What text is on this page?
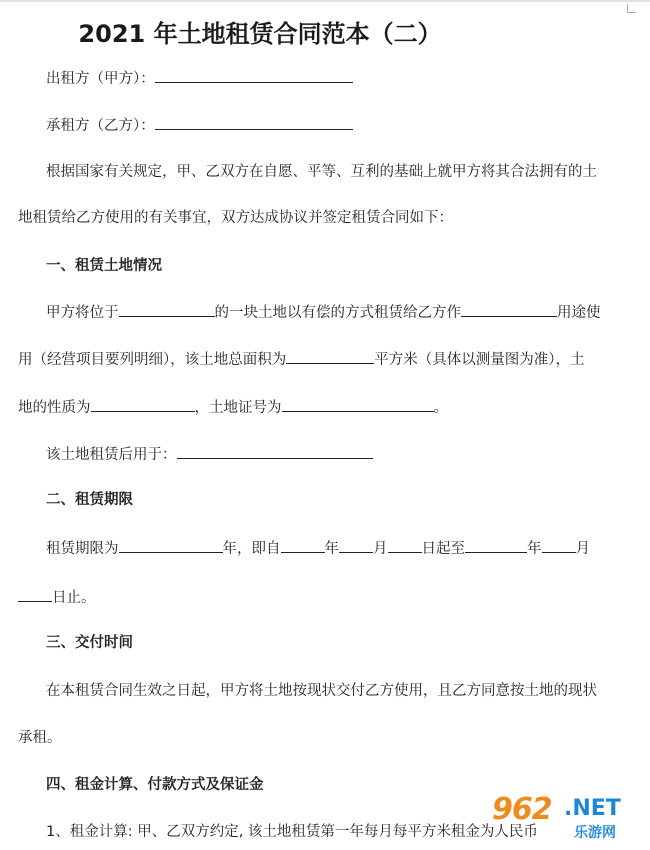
2021 年土地租赁合同范本（二）
出租方（甲方）：
承租方（乙方）：
根据国家有关规定，甲、乙双方在自愿、平等、互利的基础上就甲方将其合法拥有的土
地租赁给乙方使用的有关事宜，双方达成协议并签定租赁合同如下：
一、租赁土地情况
甲方将位于	的一块土地以有偿的方式租赁给乙方作	用途使
用（经营项目要列明细），该土地总面积为	平方米（具体以测量图为准），土
地的性质为	，土地证号为	。
该土地租赁后用于：
二、租赁期限
租赁期限为	年，即自	年 月 日起至	年 月
日止。
三、交付时间
在本租赁合同生效之日起，甲方将土地按现状交付乙方使用，且乙方同意按土地的现状
承租。
四、租金计算、付款方式及保证金
1、租金计算: 甲、乙双方约定, 该土地租赁第一年每月每平方米租金为人民币
962 .NET
乐游网
